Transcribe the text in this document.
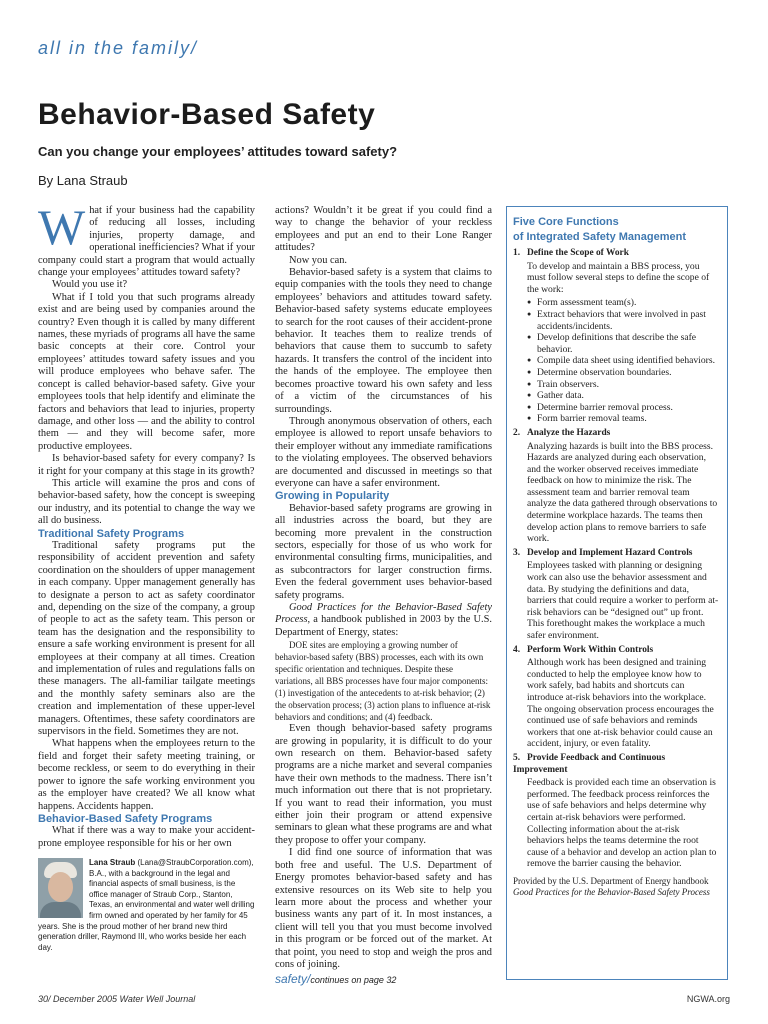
all in the family/
Behavior-Based Safety
Can you change your employees’ attitudes toward safety?
By Lana Straub

What if your business had the capability of reducing all losses, including injuries, property damage, and operational inefficiencies? What if your company could start a program that would actually change your employees’ attitudes toward safety?

Would you use it?

What if I told you that such programs already exist and are being used by companies around the country? Even though it is called by many different names, these myriads of programs all have the same basic concepts at their core. Control your employees’ attitudes toward safety issues and you will produce employees who behave safer. The concept is called behavior-based safety. Give your employees tools that help identify and eliminate the factors and behaviors that lead to injuries, property damage, and other loss — and the ability to control them — and they will become safer, more productive employees.

Is behavior-based safety for every company? Is it right for your company at this stage in its growth?

This article will examine the pros and cons of behavior-based safety, how the concept is sweeping our industry, and its potential to change the way we all do business.

Traditional Safety Programs

Traditional safety programs put the responsibility of accident prevention and safety coordination on the shoulders of upper management in each company. Upper management generally has to designate a person to act as safety coordinator and, depending on the size of the company, a group of people to act as the safety team. This person or team has the designation and the responsibility to ensure a safe working environment is present for all employees at their company at all times. Creation and implementation of rules and regulations falls on these managers. The all-familiar tailgate meetings and the monthly safety seminars also are the creation and implementation of these upper-level managers. Oftentimes, these safety coordinators are supervisors in the field. Sometimes they are not.

What happens when the employees return to the field and forget their safety meeting training, or become reckless, or seem to do everything in their power to ignore the safe working environment you as the employer have created? We all know what happens. Accidents happen.

Behavior-Based Safety Programs

What if there was a way to make your accident-prone employee responsible for his or her own

Lana Straub (Lana@StraubCorporation.com), B.A., with a background in the legal and financial aspects of small business, is the office manager of Straub Corp., Stanton, Texas, an environmental and water well drilling firm owned and operated by her family for 45 years. She is the proud mother of her brand new third generation driller, Raymond III, who works beside her each day.

actions? Wouldn’t it be great if you could find a way to change the behavior of your reckless employees and put an end to their Lone Ranger attitudes?

Now you can.

Behavior-based safety is a system that claims to equip companies with the tools they need to change employees’ behaviors and attitudes toward safety. Behavior-based safety systems educate employees to search for the root causes of their accident-prone behavior. It teaches them to realize trends of behaviors that cause them to succumb to safety hazards. It transfers the control of the incident into the hands of the employee. The employee then becomes proactive toward his own safety and less of a victim of the circumstances of his surroundings.

Through anonymous observation of others, each employee is allowed to report unsafe behaviors to their employer without any immediate ramifications to the violating employees. The observed behaviors are documented and discussed in meetings so that everyone can have a safer environment.

Growing in Popularity

Behavior-based safety programs are growing in all industries across the board, but they are becoming more prevalent in the construction sectors, especially for those of us who work for environmental consulting firms, municipalities, and as subcontractors for larger construction firms. Even the federal government uses behavior-based safety programs.

Good Practices for the Behavior-Based Safety Process, a handbook published in 2003 by the U.S. Department of Energy, states:

DOE sites are employing a growing number of behavior-based safety (BBS) processes, each with its own specific orientation and techniques. Despite these variations, all BBS processes have four major components: (1) investigation of the antecedents to at-risk behavior; (2) the observation process; (3) action plans to influence at-risk behaviors and conditions; and (4) feedback.

Even though behavior-based safety programs are growing in popularity, it is difficult to do your own research on them. Behavior-based safety programs are a niche market and several companies have their own methods to the madness. There isn’t much information out there that is not proprietary. If you want to read their information, you must either join their program or attend expensive seminars to glean what these programs are and what they propose to offer your company.

I did find one source of information that was both free and useful. The U.S. Department of Energy promotes behavior-based safety and has extensive resources on its Web site to help you learn more about the process and whether your business wants any part of it. In most instances, a client will tell you that you must become involved in this program or be forced out of the market. At that point, you need to stop and weigh the pros and cons of joining.

safety/continues on page 32
Five Core Functions
of Integrated Safety Management
1. Define the Scope of Work
To develop and maintain a BBS process, you must follow several steps to define the scope of the work:
● Form assessment team(s).
● Extract behaviors that were involved in past accidents/incidents.
● Develop definitions that describe the safe behavior.
● Compile data sheet using identified behaviors.
● Determine observation boundaries.
● Train observers.
● Gather data.
● Determine barrier removal process.
● Form barrier removal teams.
2. Analyze the Hazards
Analyzing hazards is built into the BBS process. Hazards are analyzed during each observation, and the worker observed receives immediate feedback on how to minimize the risk. The assessment team and barrier removal team analyze the data gathered through observations to determine workplace hazards. The teams then develop action plans to remove barriers to safe work.
3. Develop and Implement Hazard Controls
Employees tasked with planning or designing work can also use the behavior assessment and data. By studying the definitions and data, barriers that could require a worker to perform at-risk behaviors can be “designed out” up front. This forethought makes the workplace a much safer environment.
4. Perform Work Within Controls
Although work has been designed and training conducted to help the employee know how to work safely, bad habits and shortcuts can introduce at-risk behaviors into the workplace. The ongoing observation process encourages the continued use of safe behaviors and reminds workers that one at-risk behavior could cause an accident, injury, or even fatality.
5. Provide Feedback and Continuous Improvement
Feedback is provided each time an observation is performed. The feedback process reinforces the use of safe behaviors and helps determine why certain at-risk behaviors were performed. Collecting information about the at-risk behaviors helps the teams determine the root cause of a behavior and develop an action plan to remove the barrier causing the behavior.
Provided by the U.S. Department of Energy handbook
Good Practices for the Behavior-Based Safety Process
30/ December 2005 Water Well Journal	NGWA.org
